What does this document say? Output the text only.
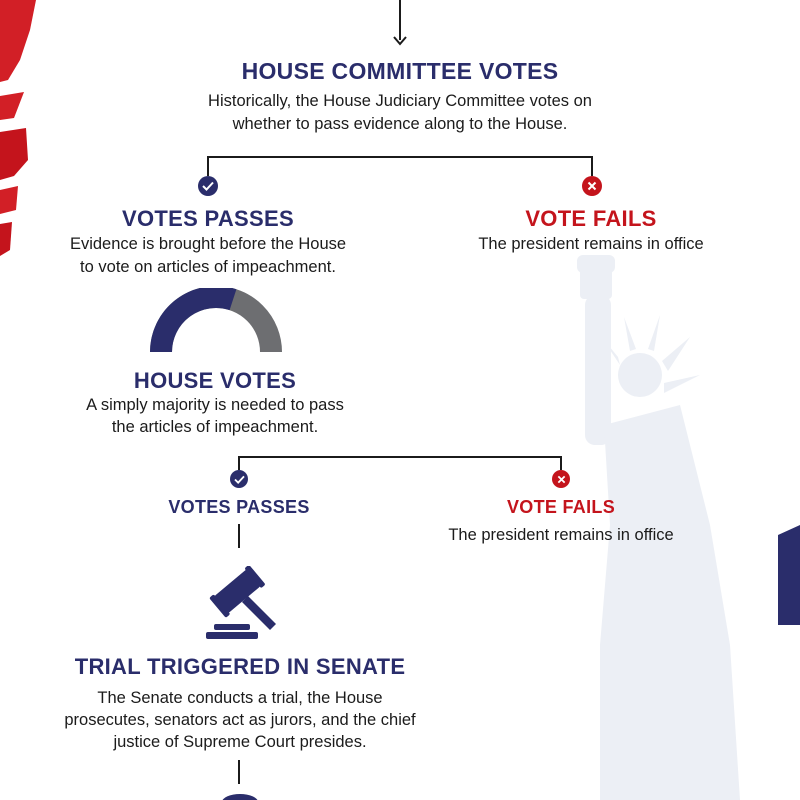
HOUSE COMMITTEE VOTES
Historically, the House Judiciary Committee votes on
whether to pass evidence along to the House.
VOTES PASSES
Evidence is brought before the House
to vote on articles of impeachment.
VOTE FAILS
The president remains in office
HOUSE VOTES
A simply majority is needed to pass
the articles of impeachment.
VOTES PASSES	VOTE FAILS
The president remains in office
TRIAL TRIGGERED IN SENATE
The Senate conducts a trial, the House
prosecutes, senators act as jurors, and the chief
justice of Supreme Court presides.
